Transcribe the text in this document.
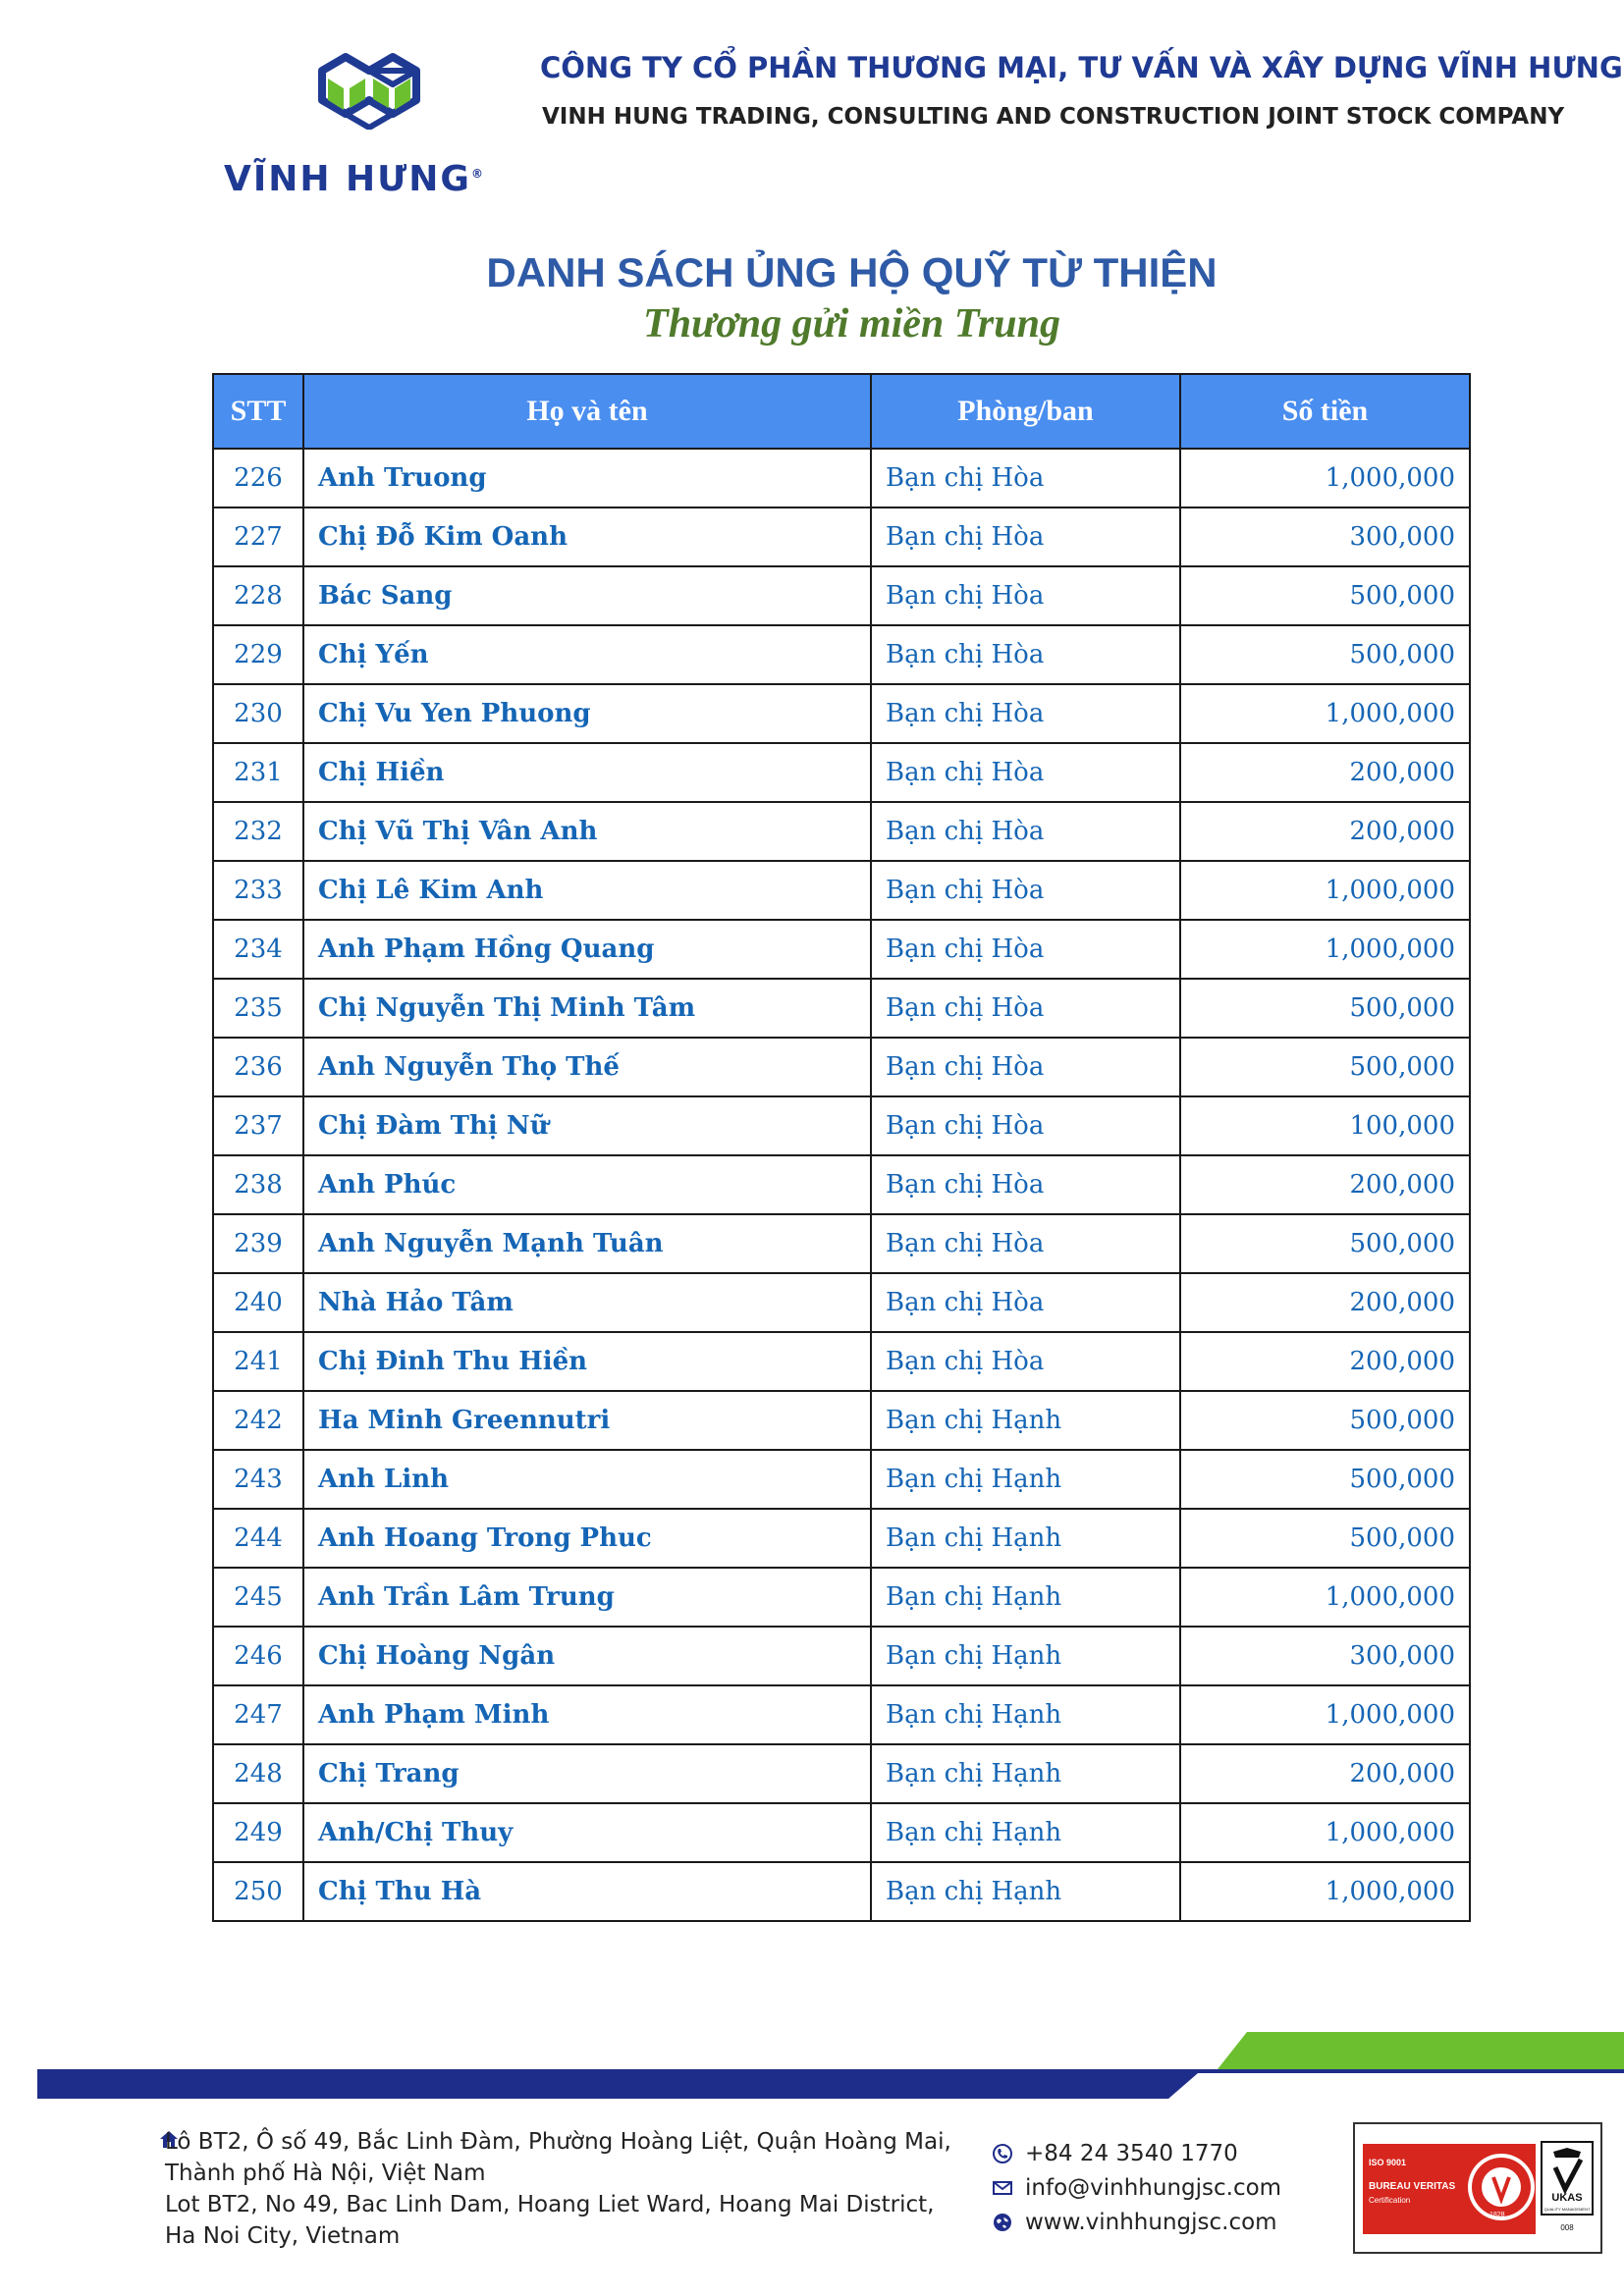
VĨNH HƯNG®
CÔNG TY CỔ PHẦN THƯƠNG MẠI, TƯ VẤN VÀ XÂY DỰNG VĨNH HƯNG
VINH HUNG TRADING, CONSULTING AND CONSTRUCTION JOINT STOCK COMPANY
DANH SÁCH ỦNG HỘ QUỸ TỪ THIỆN
Thương gửi miền Trung
STT	Họ và tên	Phòng/ban	Số tiền
226	Anh Truong	Bạn chị Hòa	1,000,000
227	Chị Đỗ Kim Oanh	Bạn chị Hòa	300,000
228	Bác Sang	Bạn chị Hòa	500,000
229	Chị Yến	Bạn chị Hòa	500,000
230	Chị Vu Yen Phuong	Bạn chị Hòa	1,000,000
231	Chị Hiền	Bạn chị Hòa	200,000
232	Chị Vũ Thị Vân Anh	Bạn chị Hòa	200,000
233	Chị Lê Kim Anh	Bạn chị Hòa	1,000,000
234	Anh Phạm Hồng Quang	Bạn chị Hòa	1,000,000
235	Chị Nguyễn Thị Minh Tâm	Bạn chị Hòa	500,000
236	Anh Nguyễn Thọ Thế	Bạn chị Hòa	500,000
237	Chị Đàm Thị Nữ	Bạn chị Hòa	100,000
238	Anh Phúc	Bạn chị Hòa	200,000
239	Anh Nguyễn Mạnh Tuân	Bạn chị Hòa	500,000
240	Nhà Hảo Tâm	Bạn chị Hòa	200,000
241	Chị Đinh Thu Hiền	Bạn chị Hòa	200,000
242	Ha Minh Greennutri	Bạn chị Hạnh	500,000
243	Anh Linh	Bạn chị Hạnh	500,000
244	Anh Hoang Trong Phuc	Bạn chị Hạnh	500,000
245	Anh Trần Lâm Trung	Bạn chị Hạnh	1,000,000
246	Chị Hoàng Ngân	Bạn chị Hạnh	300,000
247	Anh Phạm Minh	Bạn chị Hạnh	1,000,000
248	Chị Trang	Bạn chị Hạnh	200,000
249	Anh/Chị Thuy	Bạn chị Hạnh	1,000,000
250	Chị Thu Hà	Bạn chị Hạnh	1,000,000
Lô BT2, Ô số 49, Bắc Linh Đàm, Phường Hoàng Liệt, Quận Hoàng Mai,
Thành phố Hà Nội, Việt Nam
Lot BT2, No 49, Bac Linh Dam, Hoang Liet Ward, Hoang Mai District,
Ha Noi City, Vietnam
+84 24 3540 1770
info@vinhhungjsc.com
www.vinhhungjsc.com
ISO 9001
BUREAU VERITAS
Certification
1828
UKAS
QUALITY MANAGEMENT
008
